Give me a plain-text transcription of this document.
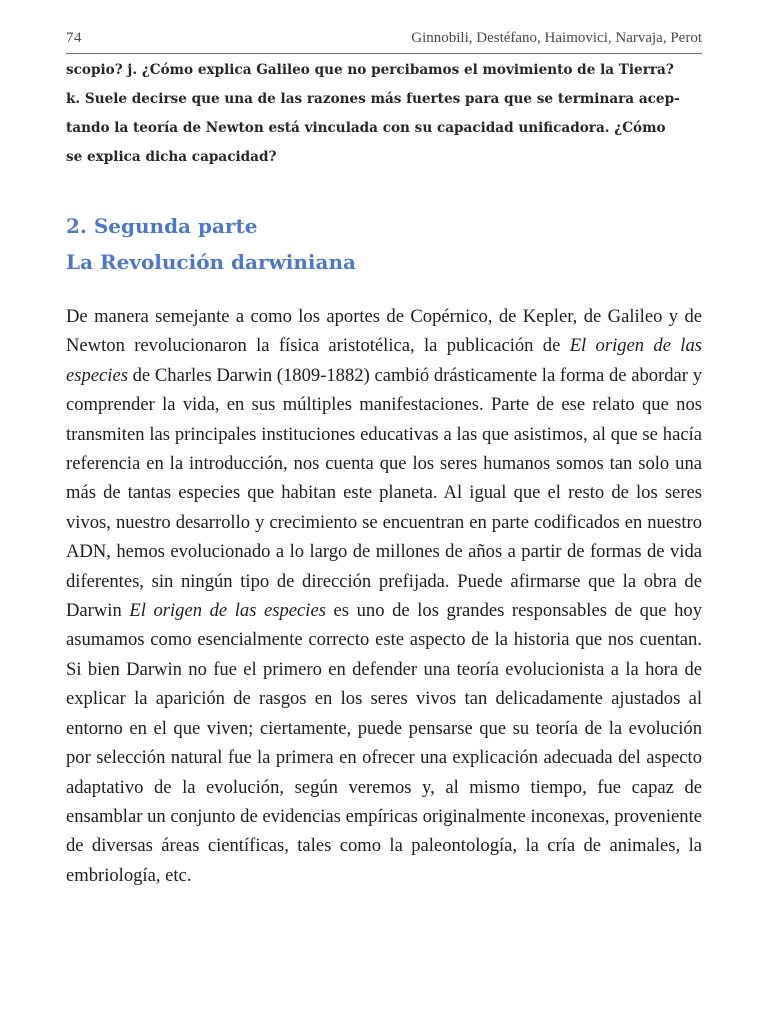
74	Ginnobili, Destéfano, Haimovici, Narvaja, Perot

scopio? j. ¿Cómo explica Galileo que no percibamos el movimiento de la Tierra?

k. Suele decirse que una de las razones más fuertes para que se terminara acep-

tando la teoría de Newton está vinculada con su capacidad unificadora. ¿Cómo

se explica dicha capacidad?

2. Segunda parte
La Revolución darwiniana

De manera semejante a como los aportes de Copérnico, de Kepler, de Galileo y de Newton revolucionaron la física aristotélica, la publicación de El origen de las especies de Charles Darwin (1809-1882) cambió drásticamente la forma de abordar y comprender la vida, en sus múltiples manifestaciones. Parte de ese relato que nos transmiten las principales instituciones educativas a las que asistimos, al que se hacía referencia en la introducción, nos cuenta que los seres humanos somos tan solo una más de tantas especies que habitan este planeta. Al igual que el resto de los seres vivos, nuestro desarrollo y crecimiento se encuentran en parte codificados en nuestro ADN, hemos evolucionado a lo largo de millones de años a partir de formas de vida diferentes, sin ningún tipo de dirección prefijada. Puede afirmarse que la obra de Darwin El origen de las especies es uno de los grandes responsables de que hoy asumamos como esencialmente correcto este aspecto de la historia que nos cuentan. Si bien Darwin no fue el primero en defender una teoría evolucionista a la hora de explicar la aparición de rasgos en los seres vivos tan delicadamente ajustados al entorno en el que viven; ciertamente, puede pensarse que su teoría de la evolución por selección natural fue la primera en ofrecer una explicación adecuada del aspecto adaptativo de la evolución, según veremos y, al mismo tiempo, fue capaz de ensamblar un conjunto de evidencias empíricas originalmente inconexas, proveniente de diversas áreas científicas, tales como la paleontología, la cría de animales, la embriología, etc.
